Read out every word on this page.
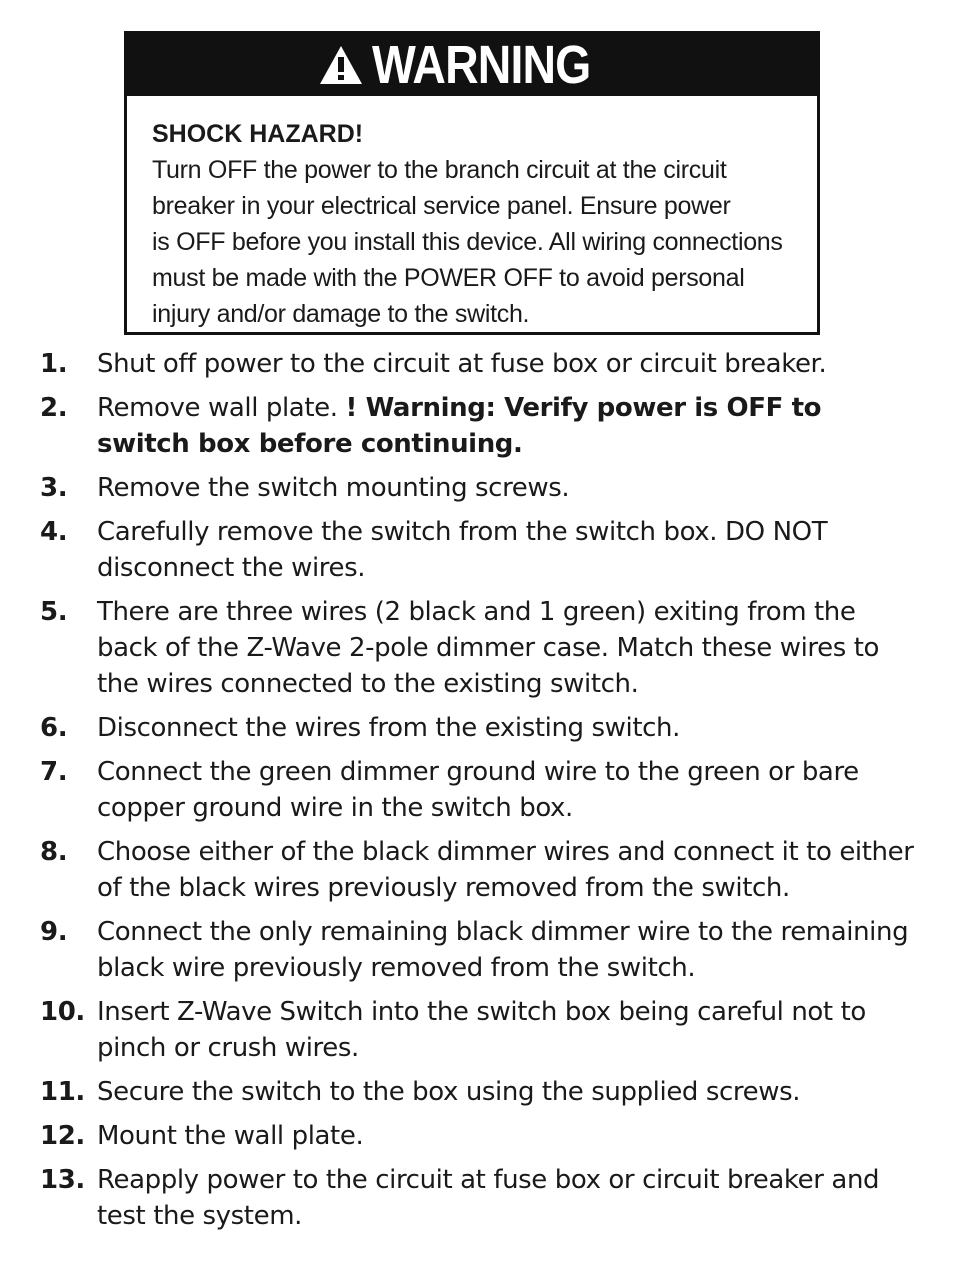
WARNING
SHOCK HAZARD!
Turn OFF the power to the branch circuit at the circuit
breaker in your electrical service panel. Ensure power
is OFF before you install this device. All wiring connections
must be made with the POWER OFF to avoid personal
injury and/or damage to the switch.
1.	Shut off power to the circuit at fuse box or circuit breaker.
2.	Remove wall plate. ! Warning: Verify power is OFF to switch box before continuing.
3.	Remove the switch mounting screws.
4.	Carefully remove the switch from the switch box. DO NOT disconnect the wires.
5.	There are three wires (2 black and 1 green) exiting from the back of the Z-Wave 2-pole dimmer case. Match these wires to the wires connected to the existing switch.
6.	Disconnect the wires from the existing switch.
7.	Connect the green dimmer ground wire to the green or bare copper ground wire in the switch box.
8.	Choose either of the black dimmer wires and connect it to either of the black wires previously removed from the switch.
9.	Connect the only remaining black dimmer wire to the remaining black wire previously removed from the switch.
10. Insert Z-Wave Switch into the switch box being careful not to pinch or crush wires.
11. Secure the switch to the box using the supplied screws.
12. Mount the wall plate.
13. Reapply power to the circuit at fuse box or circuit breaker and test the system.
